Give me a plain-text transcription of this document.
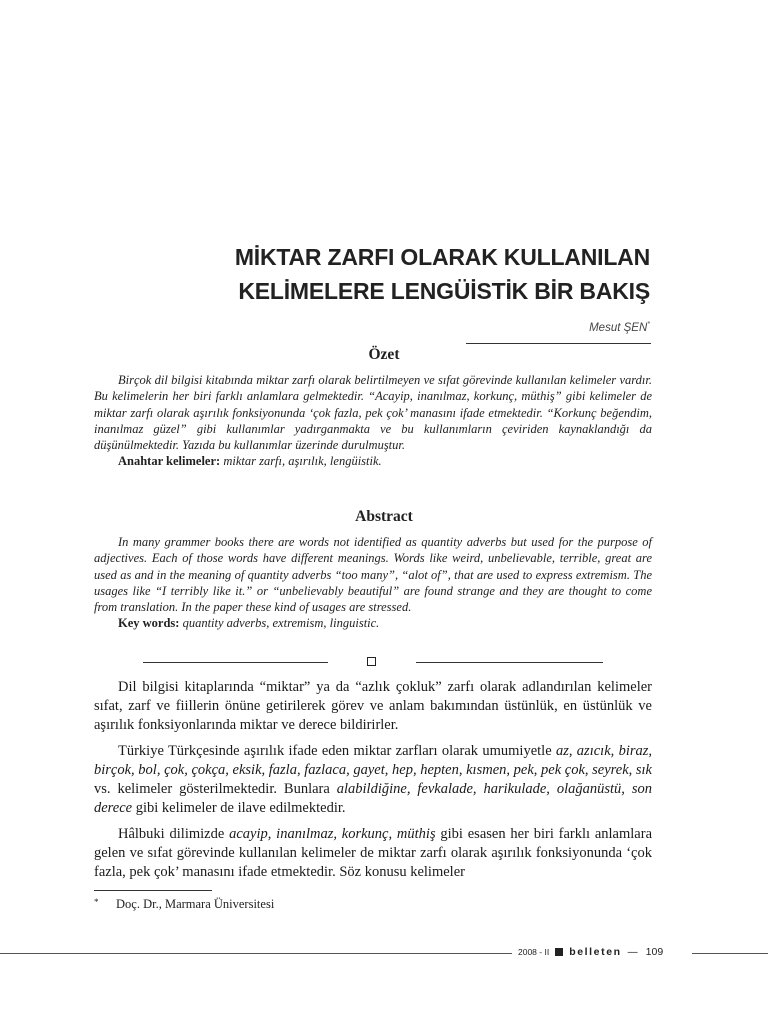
MİKTAR ZARFI OLARAK KULLANILAN
KELİMELERE LENGÜİSTİK BİR BAKIŞ
Mesut ŞEN*
Özet

Birçok dil bilgisi kitabında miktar zarfı olarak belirtilmeyen ve sıfat görevinde kullanılan kelimeler vardır. Bu kelimelerin her biri farklı anlamlara gelmektedir. “Acayip, inanılmaz, korkunç, müthiş” gibi kelimeler de miktar zarfı olarak aşırılık fonksiyonunda ‘çok fazla, pek çok’ manasını ifade etmektedir. “Korkunç beğendim, inanılmaz güzel” gibi kullanımlar yadırganmakta ve bu kullanımların çeviriden kaynaklandığı da düşünülmektedir. Yazıda bu kullanımlar üzerinde durulmuştur.

Anahtar kelimeler: miktar zarfı, aşırılık, lengüistik.

Abstract

In many grammer books there are words not identified as quantity adverbs but used for the purpose of adjectives. Each of those words have different meanings. Words like weird, unbelievable, terrible, great are used as and in the meaning of quantity adverbs “too many”, “alot of”, that are used to express extremism. The usages like “I terribly like it.” or “unbelievably beautiful” are found strange and they are thought to come from translation. In the paper these kind of usages are stressed.

Key words: quantity adverbs, extremism, linguistic.

Dil bilgisi kitaplarında “miktar” ya da “azlık çokluk” zarfı olarak adlandırılan kelimeler sıfat, zarf ve fiillerin önüne getirilerek görev ve anlam bakımından üstünlük, en üstünlük ve aşırılık fonksiyonlarında miktar ve derece bildirirler.

Türkiye Türkçesinde aşırılık ifade eden miktar zarfları olarak umumiyetle az, azıcık, biraz, birçok, bol, çok, çokça, eksik, fazla, fazlaca, gayet, hep, hepten, kısmen, pek, pek çok, seyrek, sık vs. kelimeler gösterilmektedir. Bunlara alabildiğine, fevkalade, harikulade, olağanüstü, son derece gibi kelimeler de ilave edilmektedir.

Hâlbuki dilimizde acayip, inanılmaz, korkunç, müthiş gibi esasen her biri farklı anlamlara gelen ve sıfat görevinde kullanılan kelimeler de miktar zarfı olarak aşırılık fonksiyonunda ‘çok fazla, pek çok’ manasını ifade etmektedir. Söz konusu kelimeler

* Doç. Dr., Marmara Üniversitesi
2008 - II belleten — 109
